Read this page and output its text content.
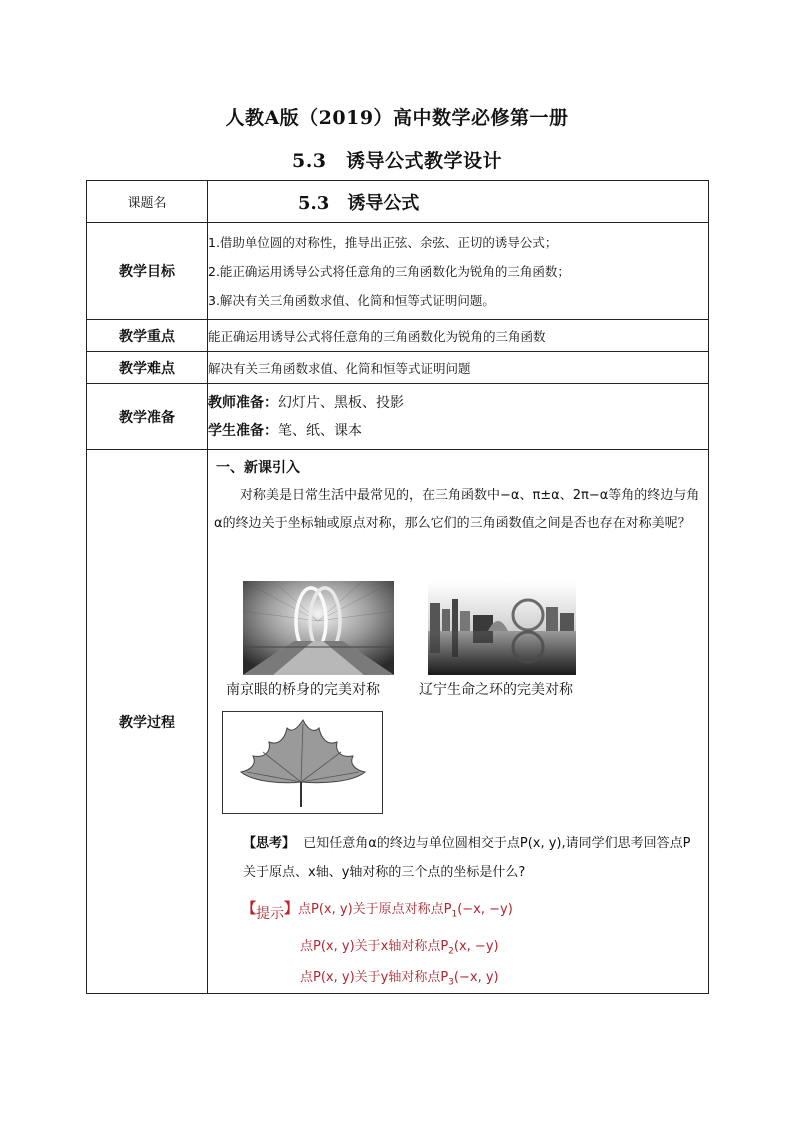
人教A版（2019）高中数学必修第一册
5.3　诱导公式教学设计
课题名	5.3　诱导公式

教学目标	1.借助单位圆的对称性，推导出正弦、余弦、正切的诱导公式；
2.能正确运用诱导公式将任意角的三角函数化为锐角的三角函数；
3.解决有关三角函数求值、化简和恒等式证明问题。

教学重点	能正确运用诱导公式将任意角的三角函数化为锐角的三角函数
教学难点	解决有关三角函数求值、化简和恒等式证明问题
教学准备	教师准备：幻灯片、黑板、投影
学生准备：笔、纸、课本

教学过程	
一、新课引入
对称美是日常生活中最常见的，在三角函数中−α、π±α、2π−α等角的终边与角α的终边关于坐标轴或原点对称，那么它们的三角函数值之间是否也存在对称美呢？
南京眼的桥身的完美对称	辽宁生命之环的完美对称
【思考】 已知任意角α的终边与单位圆相交于点P(x, y),请同学们思考回答点P关于原点、x轴、y轴对称的三个点的坐标是什么?
【提示】点P(x, y)关于原点对称点$P_1(-x$, −y)
点P(x, y)关于x轴对称点$P_2(x$, −y)
点P(x, y)关于y轴对称点$P_3(-x$, y)
